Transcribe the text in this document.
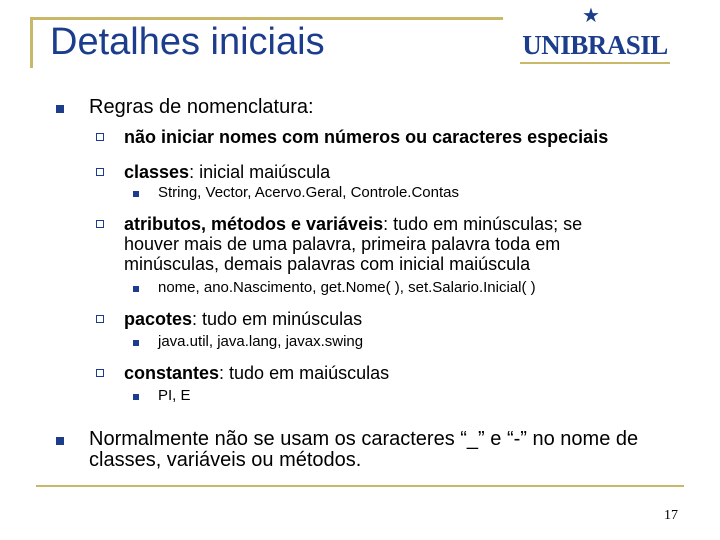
Detalhes iniciais
★
UNIBRASIL
Regras de nomenclatura:
não iniciar nomes com números ou caracteres especiais
classes: inicial maiúscula
String, Vector, Acervo.Geral, Controle.Contas
atributos, métodos e variáveis: tudo em minúsculas; se
houver mais de uma palavra, primeira palavra toda em
minúsculas, demais palavras com inicial maiúscula
nome, ano.Nascimento, get.Nome( ), set.Salario.Inicial( )
pacotes: tudo em minúsculas
java.util, java.lang, javax.swing
constantes: tudo em maiúsculas
PI, E
Normalmente não se usam os caracteres “_” e “-” no nome de
classes, variáveis ou métodos.
17
